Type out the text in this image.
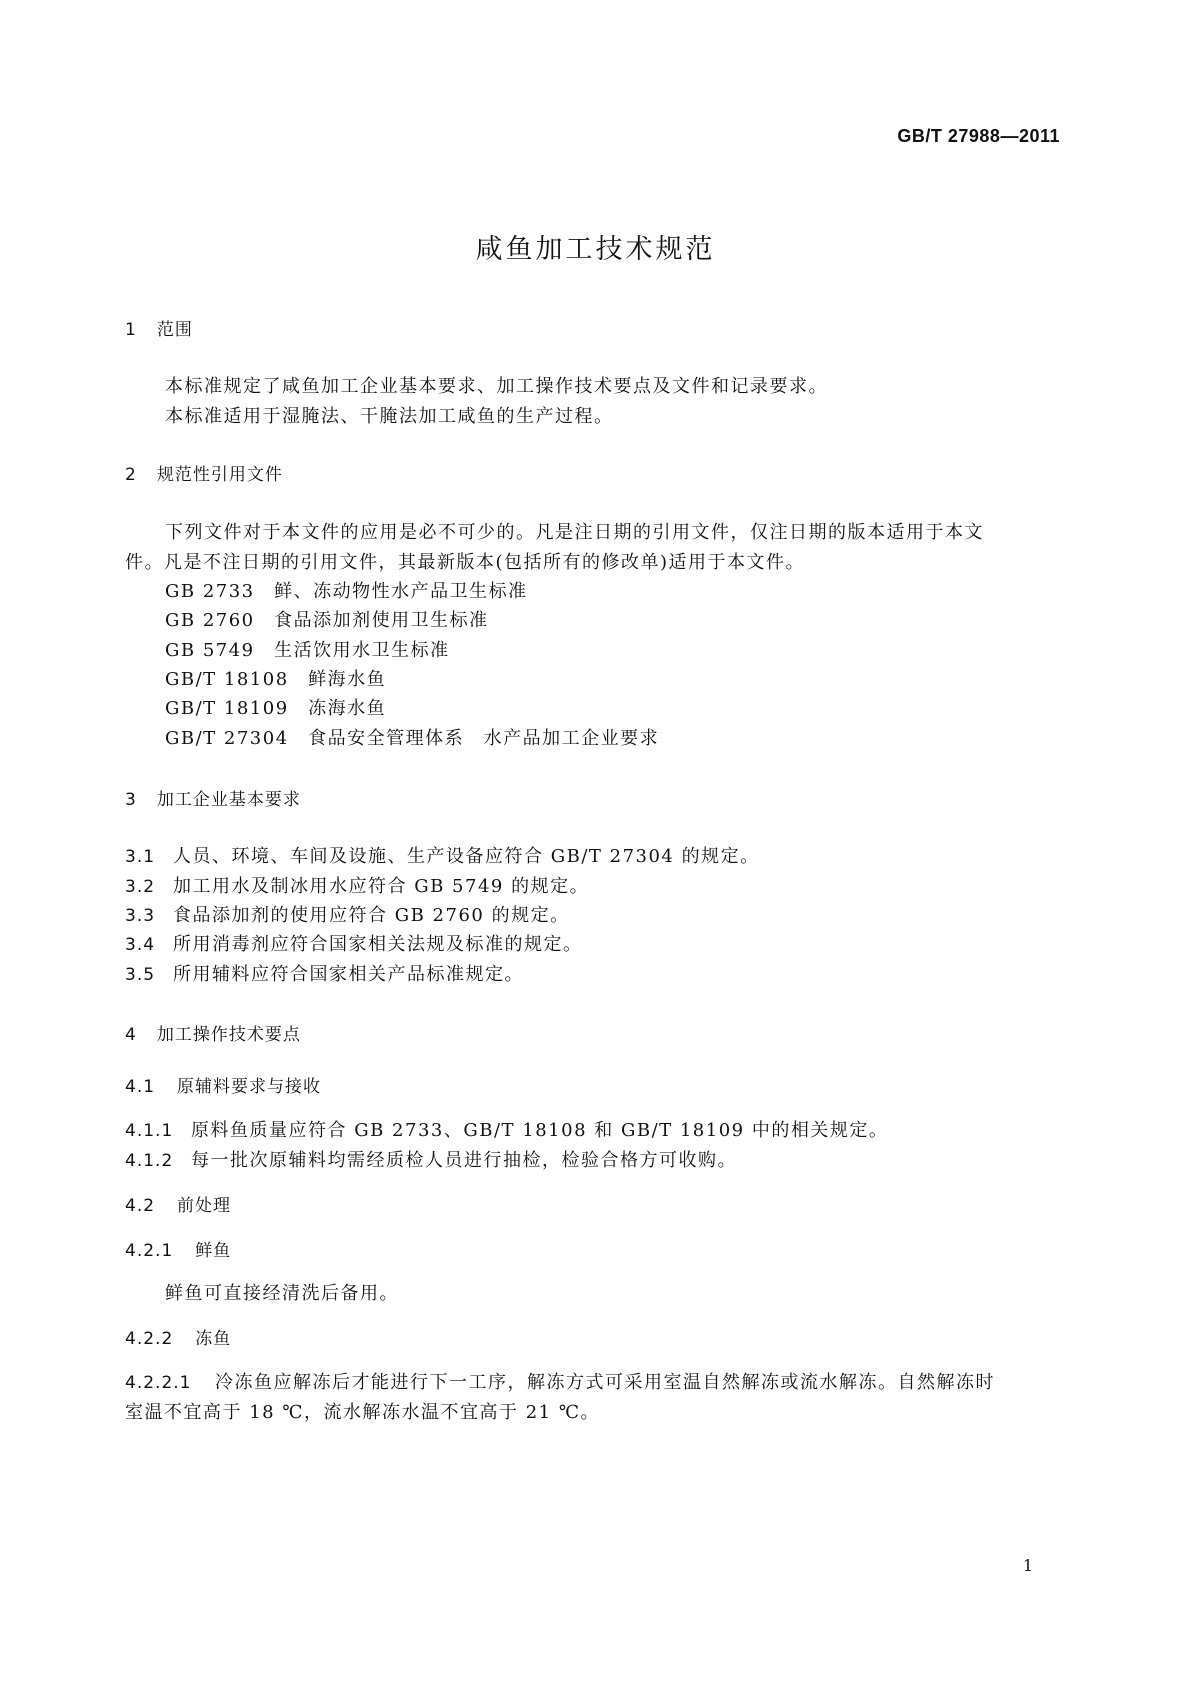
GB/T 27988—2011
咸鱼加工技术规范
1 范围
本标准规定了咸鱼加工企业基本要求、加工操作技术要点及文件和记录要求。
本标准适用于湿腌法、干腌法加工咸鱼的生产过程。
2 规范性引用文件
下列文件对于本文件的应用是必不可少的。凡是注日期的引用文件，仅注日期的版本适用于本文
件。凡是不注日期的引用文件，其最新版本(包括所有的修改单)适用于本文件。
GB 2733　 鲜、冻动物性水产品卫生标准
GB 2760　 食品添加剂使用卫生标准
GB 5749　 生活饮用水卫生标准
GB/T 18108　 鲜海水鱼
GB/T 18109　 冻海水鱼
GB/T 27304　 食品安全管理体系　水产品加工企业要求
3 加工企业基本要求
3.1 人员、环境、车间及设施、生产设备应符合 GB/T 27304 的规定。
3.2 加工用水及制冰用水应符合 GB 5749 的规定。
3.3 食品添加剂的使用应符合 GB 2760 的规定。
3.4 所用消毒剂应符合国家相关法规及标准的规定。
3.5 所用辅料应符合国家相关产品标准规定。
4 加工操作技术要点
4.1 原辅料要求与接收
4.1.1 原料鱼质量应符合 GB 2733、GB/T 18108 和 GB/T 18109 中的相关规定。
4.1.2 每一批次原辅料均需经质检人员进行抽检，检验合格方可收购。
4.2 前处理
4.2.1 鲜鱼
鲜鱼可直接经清洗后备用。
4.2.2 冻鱼
4.2.2.1 冷冻鱼应解冻后才能进行下一工序，解冻方式可采用室温自然解冻或流水解冻。自然解冻时
室温不宜高于 18 ℃，流水解冻水温不宜高于 21 ℃。
1
